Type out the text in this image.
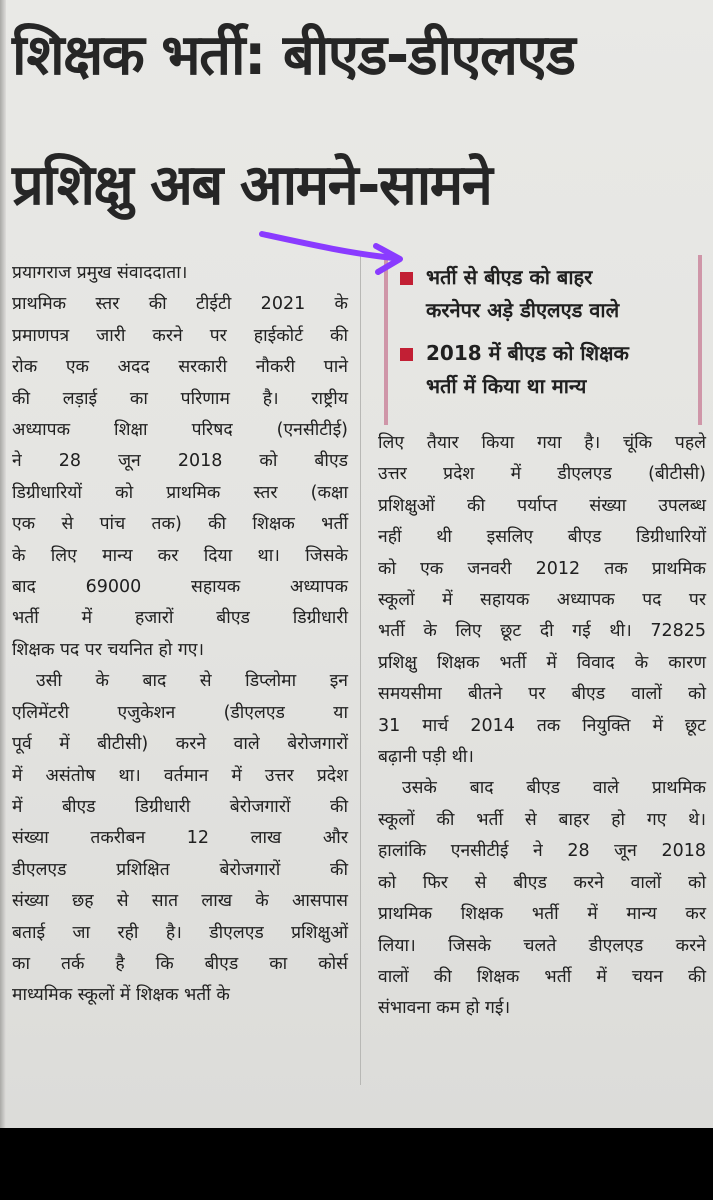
शिक्षक भर्ती: बीएड-डीएलएड
प्रशिक्षु अब आमने-सामने
प्रयागराज प्रमुख संवाददाता।
प्राथमिक स्तर की टीईटी 2021 के
प्रमाणपत्र जारी करने पर हाईकोर्ट की
रोक एक अदद सरकारी नौकरी पाने
की लड़ाई का परिणाम है। राष्ट्रीय
अध्यापक शिक्षा परिषद (एनसीटीई)
ने 28 जून 2018 को बीएड
डिग्रीधारियों को प्राथमिक स्तर (कक्षा
एक से पांच तक) की शिक्षक भर्ती
के लिए मान्य कर दिया था। जिसके
बाद 69000 सहायक अध्यापक
भर्ती में हजारों बीएड डिग्रीधारी
शिक्षक पद पर चयनित हो गए।
उसी के बाद से डिप्लोमा इन
एलिमेंटरी एजुकेशन (डीएलएड या
पूर्व में बीटीसी) करने वाले बेरोजगारों
में असंतोष था। वर्तमान में उत्तर प्रदेश
में बीएड डिग्रीधारी बेरोजगारों की
संख्या तकरीबन 12 लाख और
डीएलएड प्रशिक्षित बेरोजगारों की
संख्या छह से सात लाख के आसपास
बताई जा रही है। डीएलएड प्रशिक्षुओं
का तर्क है कि बीएड का कोर्स
माध्यमिक स्कूलों में शिक्षक भर्ती के
भर्ती से बीएड को बाहर
करनेपर अड़े डीएलएड वाले
2018 में बीएड को शिक्षक
भर्ती में किया था मान्य
लिए तैयार किया गया है। चूंकि पहले
उत्तर प्रदेश में डीएलएड (बीटीसी)
प्रशिक्षुओं की पर्याप्त संख्या उपलब्ध
नहीं थी इसलिए बीएड डिग्रीधारियों
को एक जनवरी 2012 तक प्राथमिक
स्कूलों में सहायक अध्यापक पद पर
भर्ती के लिए छूट दी गई थी। 72825
प्रशिक्षु शिक्षक भर्ती में विवाद के कारण
समयसीमा बीतने पर बीएड वालों को
31 मार्च 2014 तक नियुक्ति में छूट
बढ़ानी पड़ी थी।
उसके बाद बीएड वाले प्राथमिक
स्कूलों की भर्ती से बाहर हो गए थे।
हालांकि एनसीटीई ने 28 जून 2018
को फिर से बीएड करने वालों को
प्राथमिक शिक्षक भर्ती में मान्य कर
लिया। जिसके चलते डीएलएड करने
वालों की शिक्षक भर्ती में चयन की
संभावना कम हो गई।
